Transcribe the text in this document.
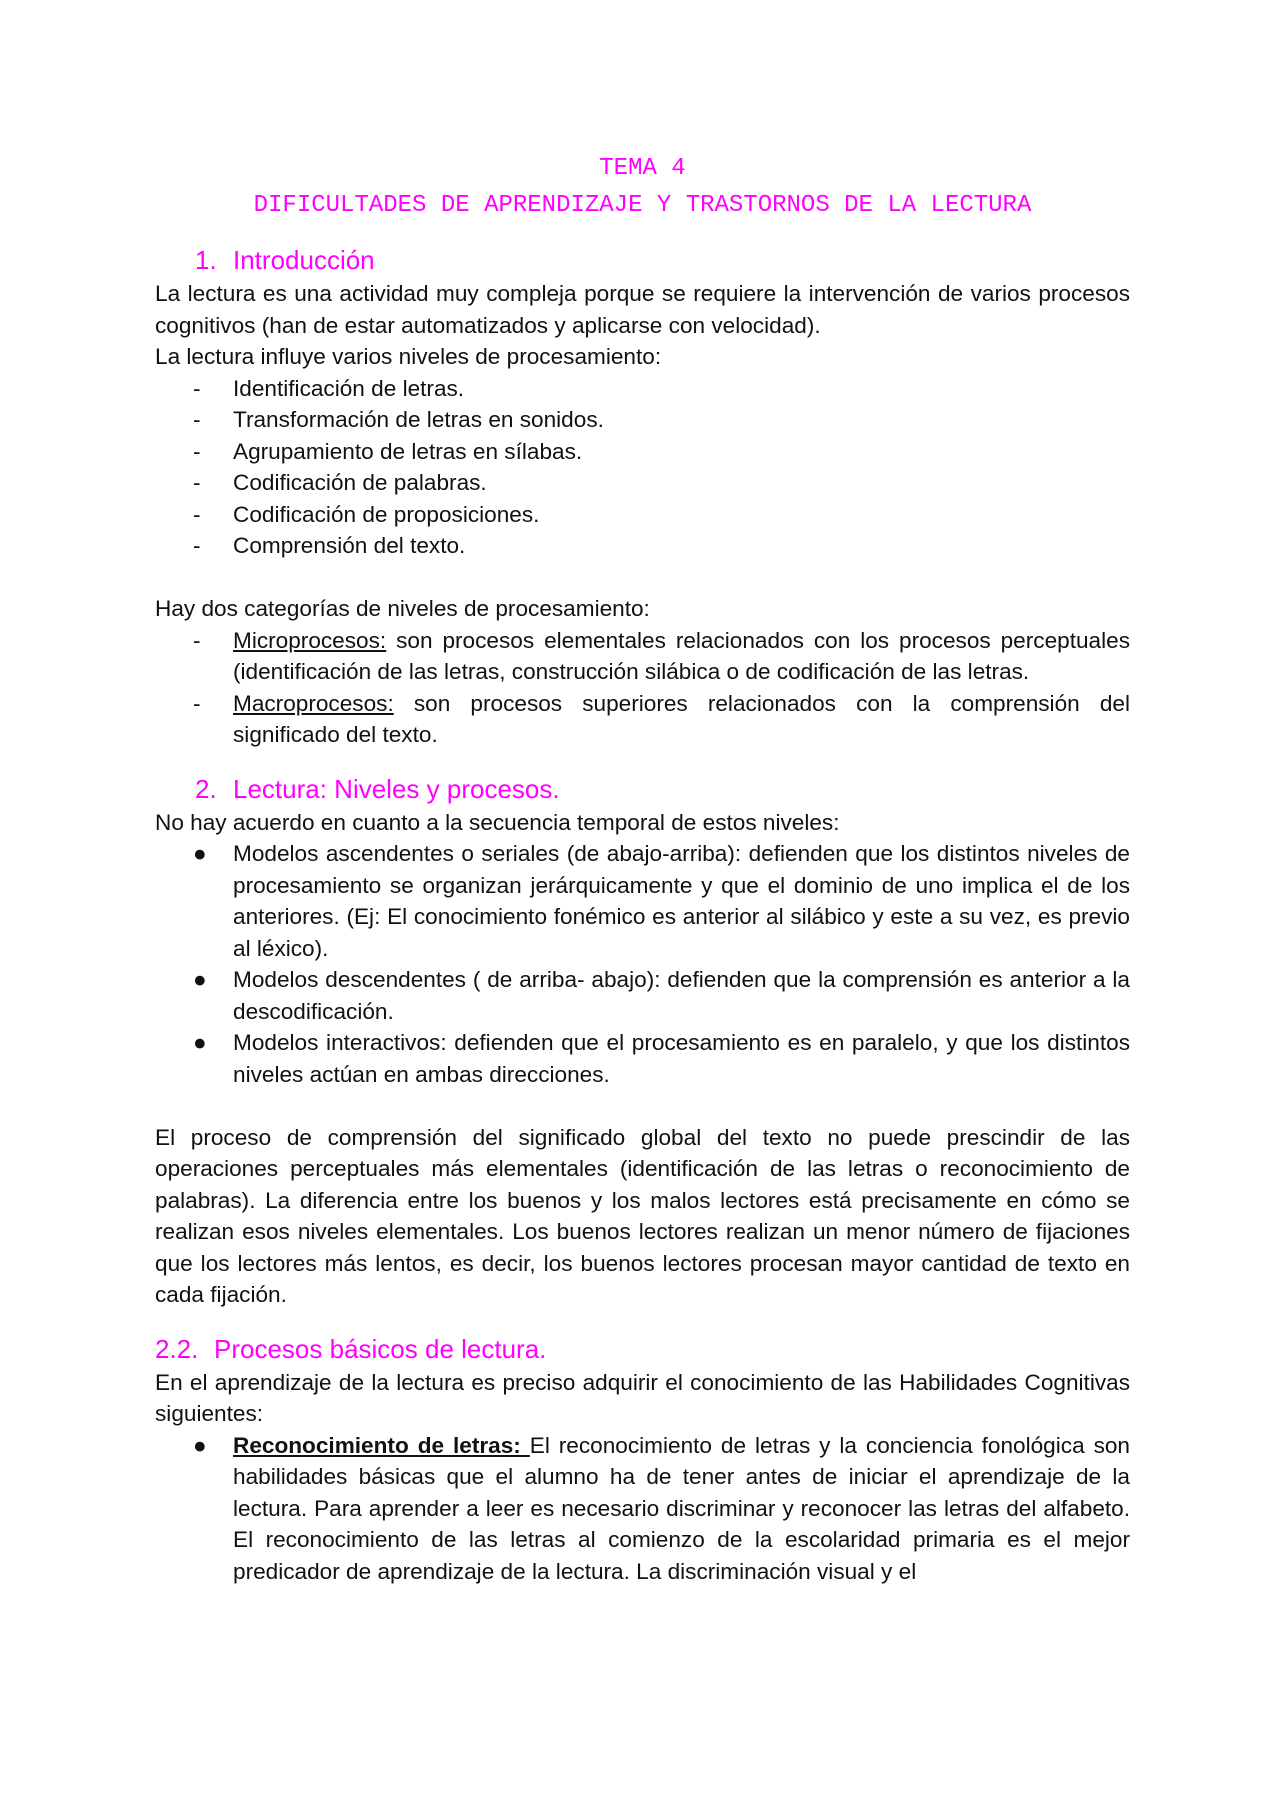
TEMA 4
DIFICULTADES DE APRENDIZAJE Y TRASTORNOS DE LA LECTURA
1. Introducción

La lectura es una actividad muy compleja porque se requiere la intervención de varios procesos cognitivos (han de estar automatizados y aplicarse con velocidad).

La lectura influye varios niveles de procesamiento:

- Identificación de letras.
- Transformación de letras en sonidos.
- Agrupamiento de letras en sílabas.
- Codificación de palabras.
- Codificación de proposiciones.
- Comprensión del texto.

Hay dos categorías de niveles de procesamiento:

- Microprocesos: son procesos elementales relacionados con los procesos perceptuales (identificación de las letras, construcción silábica o de codificación de las letras.
- Macroprocesos: son procesos superiores relacionados con la comprensión del significado del texto.
2. Lectura: Niveles y procesos.

No hay acuerdo en cuanto a la secuencia temporal de estos niveles:

● Modelos ascendentes o seriales (de abajo-arriba): defienden que los distintos niveles de procesamiento se organizan jerárquicamente y que el dominio de uno implica el de los anteriores. (Ej: El conocimiento fonémico es anterior al silábico y este a su vez, es previo al léxico).
● Modelos descendentes ( de arriba- abajo): defienden que la comprensión es anterior a la descodificación.
● Modelos interactivos: defienden que el procesamiento es en paralelo, y que los distintos niveles actúan en ambas direcciones.

El proceso de comprensión del significado global del texto no puede prescindir de las operaciones perceptuales más elementales (identificación de las letras o reconocimiento de palabras). La diferencia entre los buenos y los malos lectores está precisamente en cómo se realizan esos niveles elementales. Los buenos lectores realizan un menor número de fijaciones que los lectores más lentos, es decir, los buenos lectores procesan mayor cantidad de texto en cada fijación.

2.2. Procesos básicos de lectura.

En el aprendizaje de la lectura es preciso adquirir el conocimiento de las Habilidades Cognitivas siguientes:

● Reconocimiento de letras: El reconocimiento de letras y la conciencia fonológica son habilidades básicas que el alumno ha de tener antes de iniciar el aprendizaje de la lectura. Para aprender a leer es necesario discriminar y reconocer las letras del alfabeto. El reconocimiento de las letras al comienzo de la escolaridad primaria es el mejor predicador de aprendizaje de la lectura. La discriminación visual y el
